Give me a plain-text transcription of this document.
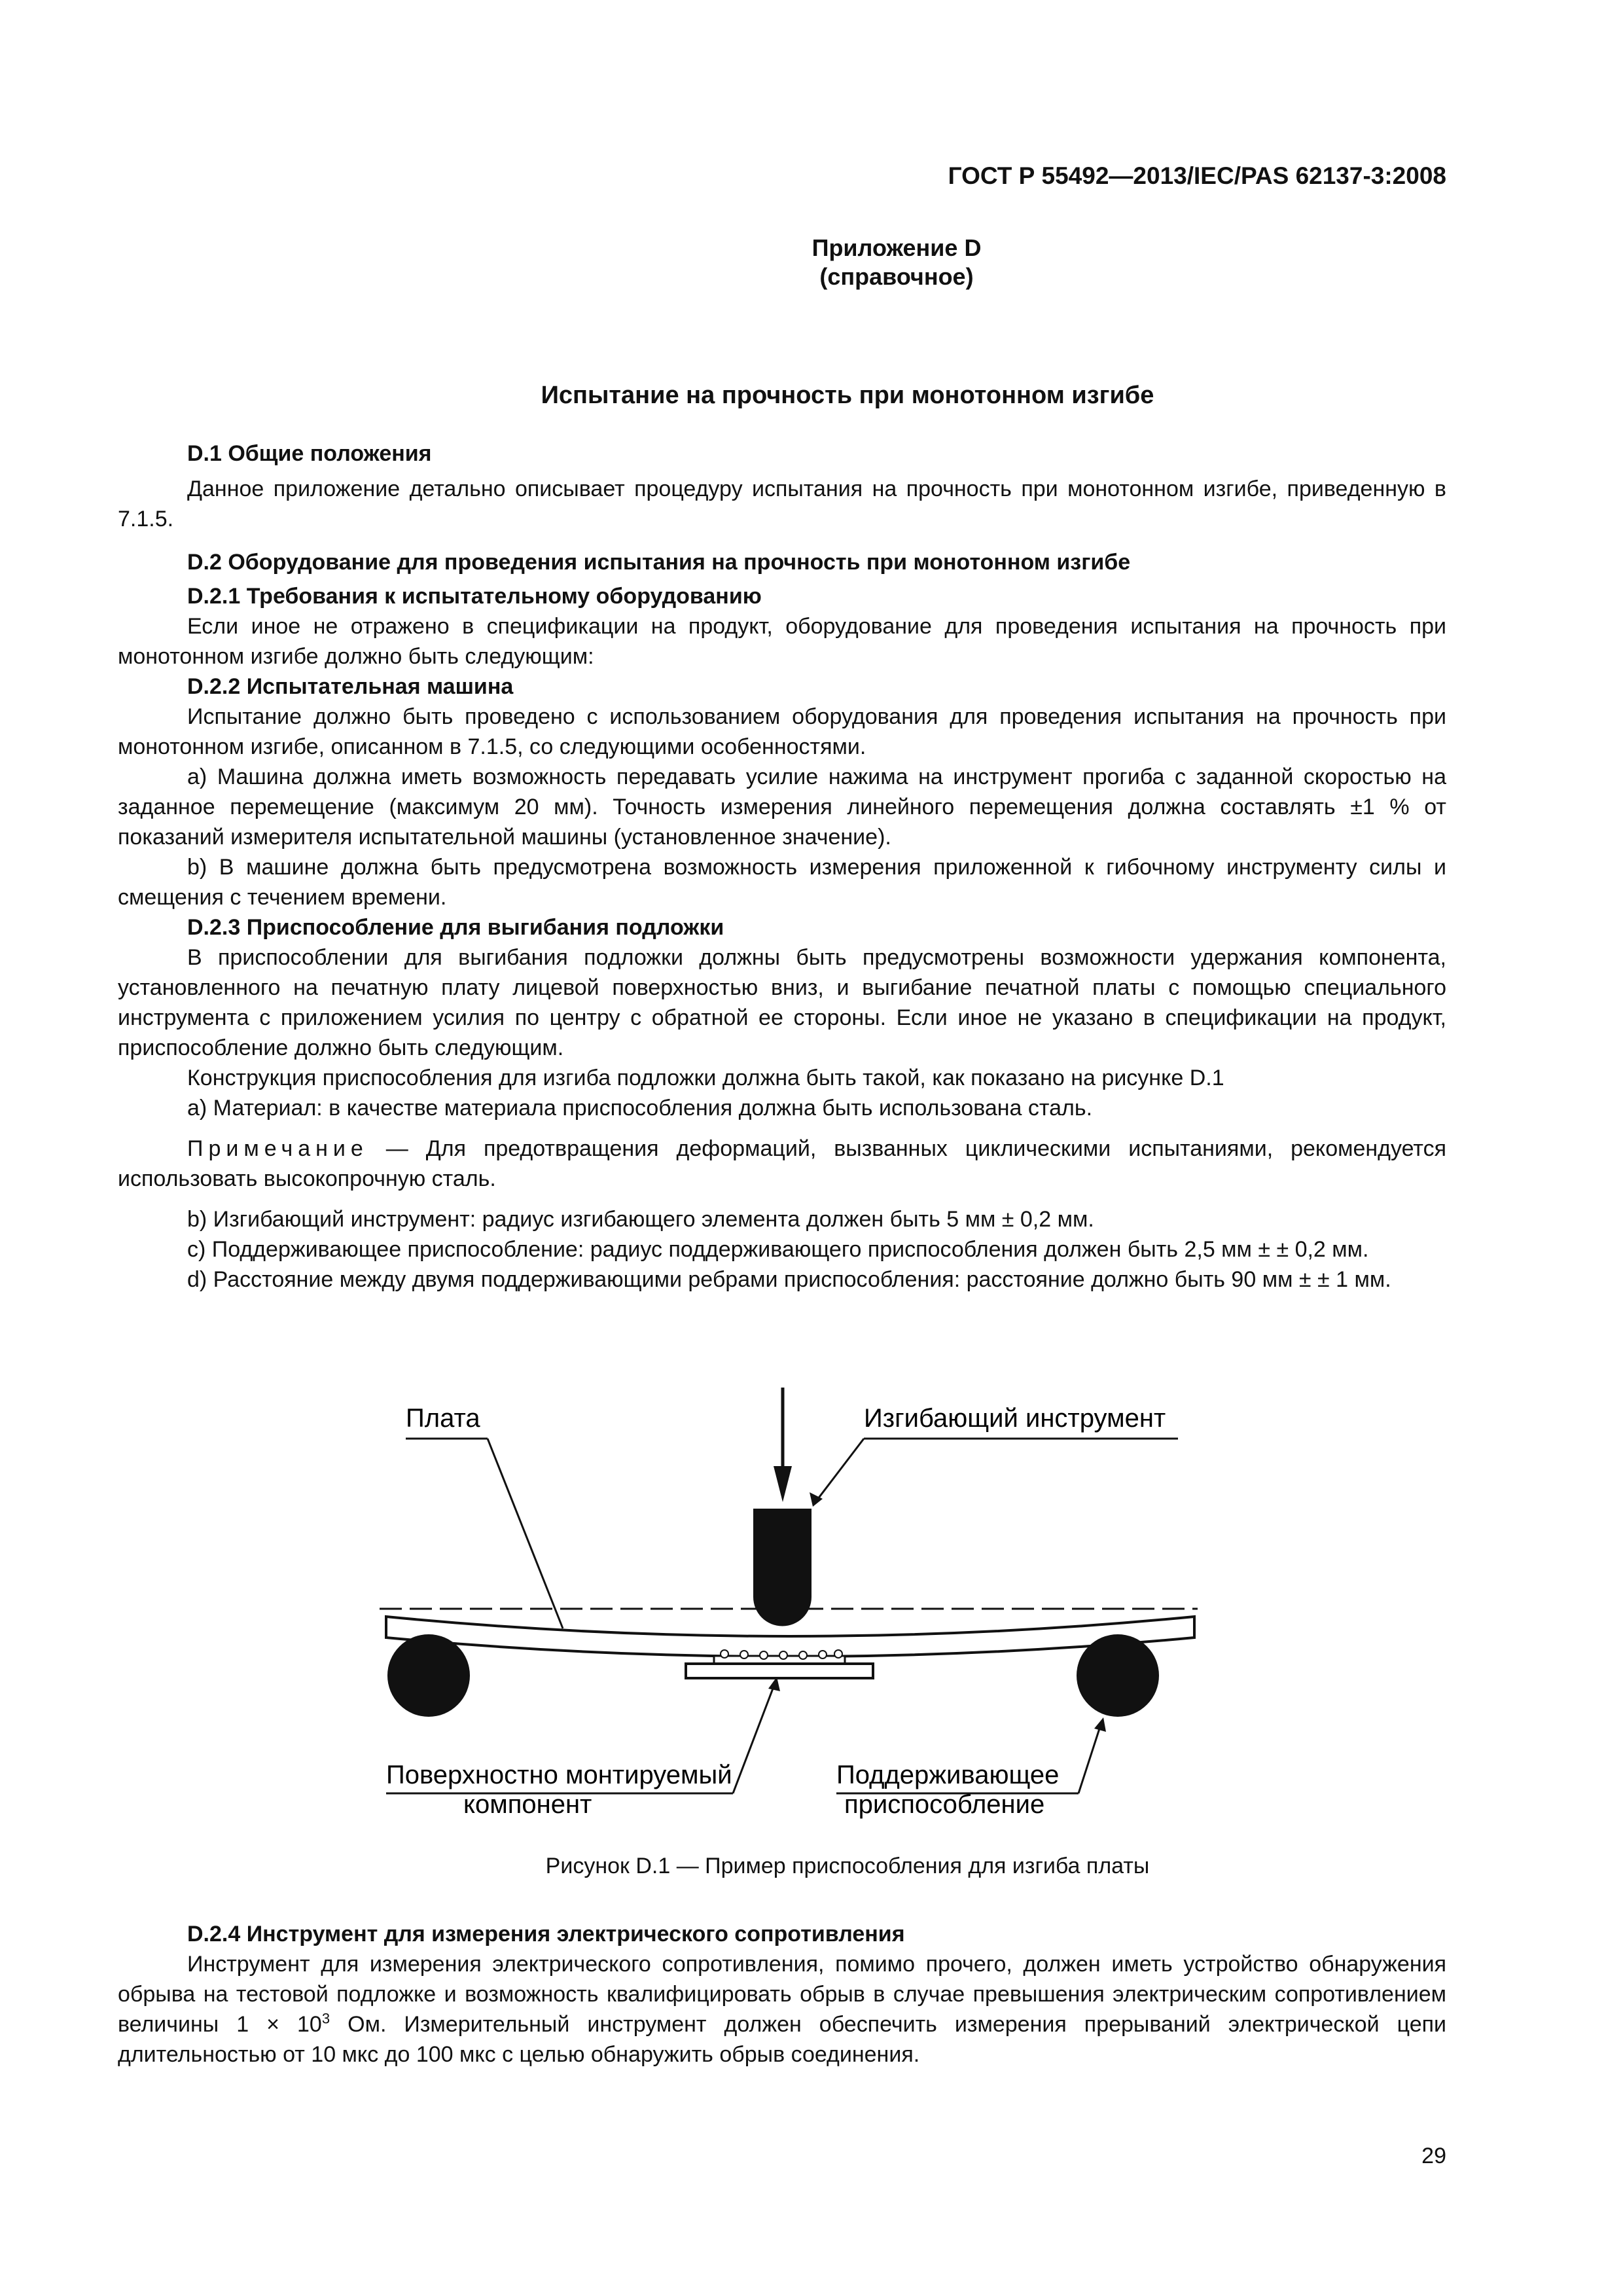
ГОСТ Р 55492—2013/IEC/PAS 62137-3:2008
Приложение D
(справочное)
Испытание на прочность при монотонном изгибе
D.1 Общие положения

Данное приложение детально описывает процедуру испытания на прочность при монотонном изгибе, приведенную в 7.1.5.

D.2 Оборудование для проведения испытания на прочность при монотонном изгибе
D.2.1 Требования к испытательному оборудованию

Если иное не отражено в спецификации на продукт, оборудование для проведения испытания на прочность при монотонном изгибе должно быть следующим:

D.2.2 Испытательная машина

Испытание должно быть проведено с использованием оборудования для проведения испытания на прочность при монотонном изгибе, описанном в 7.1.5, со следующими особенностями.

a) Машина должна иметь возможность передавать усилие нажима на инструмент прогиба с заданной скоростью на заданное перемещение (максимум 20 мм). Точность измерения линейного перемещения должна составлять ±1 % от показаний измерителя испытательной машины (установленное значение).

b) В машине должна быть предусмотрена возможность измерения приложенной к гибочному инструменту силы и смещения с течением времени.

D.2.3 Приспособление для выгибания подложки

В приспособлении для выгибания подложки должны быть предусмотрены возможности удержания компонента, установленного на печатную плату лицевой поверхностью вниз, и выгибание печатной платы с помощью специального инструмента с приложением усилия по центру с обратной ее стороны. Если иное не указано в спецификации на продукт, приспособление должно быть следующим.

Конструкция приспособления для изгиба подложки должна быть такой, как показано на рисунке D.1

a) Материал: в качестве материала приспособления должна быть использована сталь.

Примечание — Для предотвращения деформаций, вызванных циклическими испытаниями, рекомендуется использовать высокопрочную сталь.

b) Изгибающий инструмент: радиус изгибающего элемента должен быть 5 мм ± 0,2 мм.

c) Поддерживающее приспособление: радиус поддерживающего приспособления должен быть 2,5 мм ± ± 0,2 мм.

d) Расстояние между двумя поддерживающими ребрами приспособления: расстояние должно быть 90 мм ± ± 1 мм.

Плата	Изгибающий инструмент
Поверхностно монтируемый
компонент
Поддерживающее
приспособление
Рисунок D.1 — Пример приспособления для изгиба платы
D.2.4 Инструмент для измерения электрического сопротивления

Инструмент для измерения электрического сопротивления, помимо прочего, должен иметь устройство обнаружения обрыва на тестовой подложке и возможность квалифицировать обрыв в случае превышения электрическим сопротивлением величины $1 \times 10^3$ Ом. Измерительный инструмент должен обеспечить измерения прерываний электрической цепи длительностью от 10 мкс до 100 мкс с целью обнаружить обрыв соединения.

29
